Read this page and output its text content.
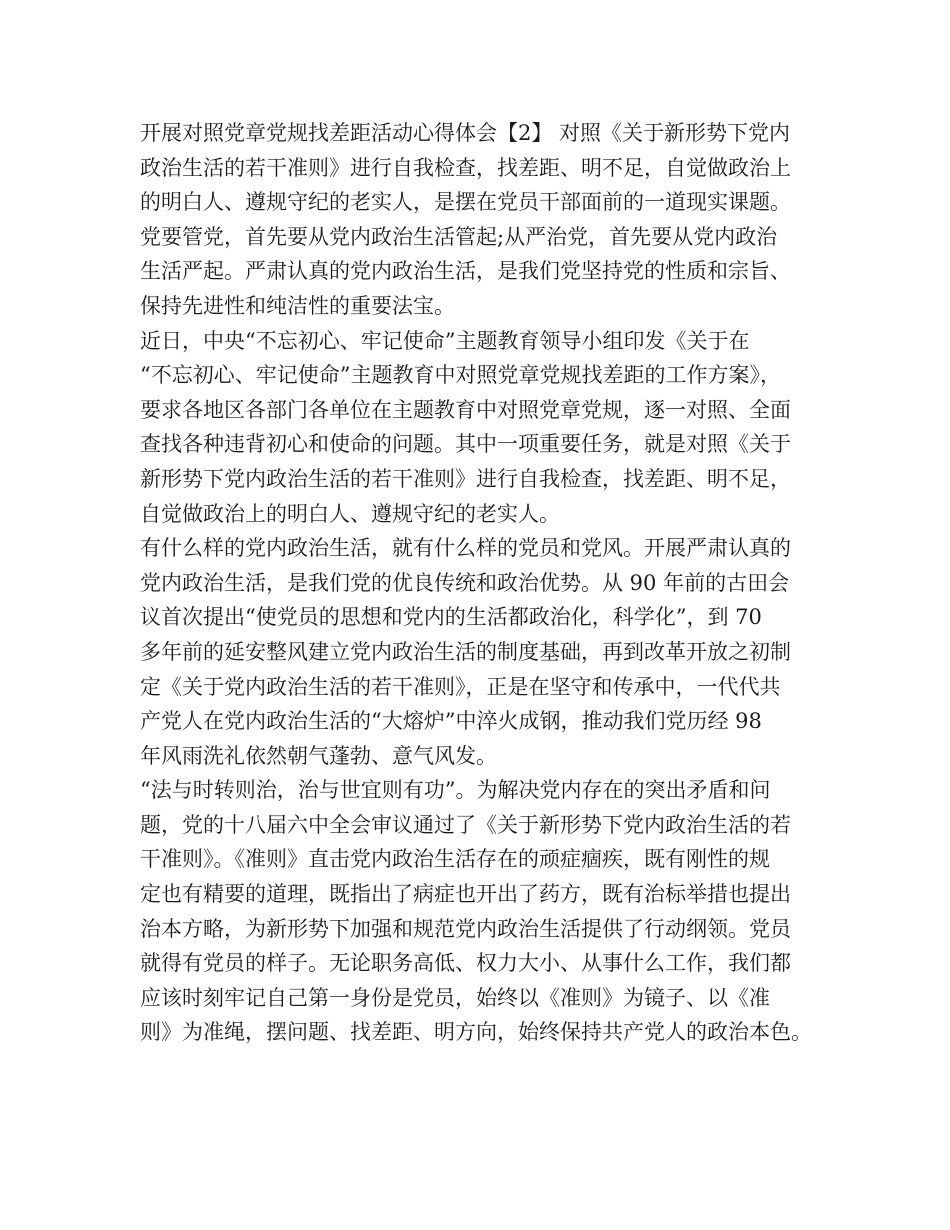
开展对照党章党规找差距活动心得体会【2】 对照《关于新形势下党内
政治生活的若干准则》进行自我检查，找差距、明不足，自觉做政治上
的明白人、遵规守纪的老实人，是摆在党员干部面前的一道现实课题。
党要管党，首先要从党内政治生活管起;从严治党，首先要从党内政治
生活严起。严肃认真的党内政治生活，是我们党坚持党的性质和宗旨、
保持先进性和纯洁性的重要法宝。
近日，中央“不忘初心、牢记使命”主题教育领导小组印发《关于在
“不忘初心、牢记使命”主题教育中对照党章党规找差距的工作方案》，
要求各地区各部门各单位在主题教育中对照党章党规，逐一对照、全面
查找各种违背初心和使命的问题。其中一项重要任务，就是对照《关于
新形势下党内政治生活的若干准则》进行自我检查，找差距、明不足，
自觉做政治上的明白人、遵规守纪的老实人。
有什么样的党内政治生活，就有什么样的党员和党风。开展严肃认真的
党内政治生活，是我们党的优良传统和政治优势。从 90 年前的古田会
议首次提出“使党员的思想和党内的生活都政治化，科学化”，到 70
多年前的延安整风建立党内政治生活的制度基础，再到改革开放之初制
定《关于党内政治生活的若干准则》，正是在坚守和传承中，一代代共
产党人在党内政治生活的“大熔炉”中淬火成钢，推动我们党历经 98
年风雨洗礼依然朝气蓬勃、意气风发。
“法与时转则治，治与世宜则有功”。为解决党内存在的突出矛盾和问
题，党的十八届六中全会审议通过了《关于新形势下党内政治生活的若
干准则》。《准则》直击党内政治生活存在的顽症痼疾，既有刚性的规
定也有精要的道理，既指出了病症也开出了药方，既有治标举措也提出
治本方略，为新形势下加强和规范党内政治生活提供了行动纲领。党员
就得有党员的样子。无论职务高低、权力大小、从事什么工作，我们都
应该时刻牢记自己第一身份是党员，始终以《准则》为镜子、以《准
则》为准绳，摆问题、找差距、明方向，始终保持共产党人的政治本色。
